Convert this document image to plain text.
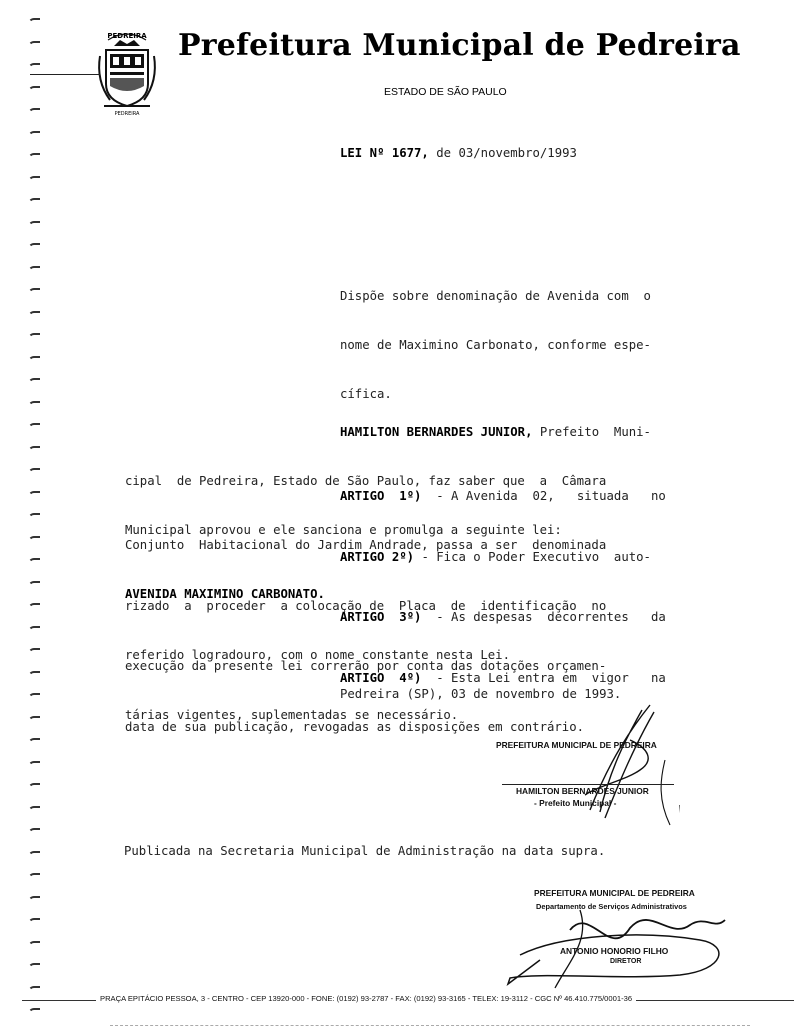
PEDREIRA
PEDREIRA
Prefeitura Municipal de Pedreira
ESTADO DE SÃO PAULO
LEI Nº 1677, de 03/novembro/1993

Dispõe sobre denominação de Avenida com  o

nome de Maximino Carbonato, conforme espe-

cífica.

HAMILTON BERNARDES JUNIOR, Prefeito  Muni-

cipal  de Pedreira, Estado de São Paulo, faz saber que  a  Câmara

Municipal aprovou e ele sanciona e promulga a seguinte lei:

ARTIGO  1º)  - A Avenida  02,   situada   no

Conjunto  Habitacional do Jardim Andrade, passa a ser  denominada

AVENIDA MAXIMINO CARBONATO.

ARTIGO 2º) - Fica o Poder Executivo  auto-

rizado  a  proceder  a colocação de  Placa  de  identificação  no

referido logradouro, com o nome constante nesta Lei.

ARTIGO  3º)  - As despesas  decorrentes   da

execução da presente lei correrão por conta das dotações orçamen-

tárias vigentes, suplementadas se necessário.

ARTIGO  4º)  - Esta Lei entra em  vigor   na

data de sua publicação, revogadas as disposições em contrário.

Pedreira (SP), 03 de novembro de 1993.
PREFEITURA MUNICIPAL DE PEDREIRA
HAMILTON BERNARDES JUNIOR
- Prefeito Municipal -
Publicada na Secretaria Municipal de Administração na data supra.
PREFEITURA MUNICIPAL DE PEDREIRA
Departamento de Serviços Administrativos
ANTONIO HONORIO FILHO
DIRETOR
PRAÇA EPITÁCIO PESSOA, 3 - CENTRO - CEP 13920-000 - FONE: (0192) 93-2787 - FAX: (0192) 93-3165 - TELEX: 19-3112 - CGC Nº 46.410.775/0001-36
